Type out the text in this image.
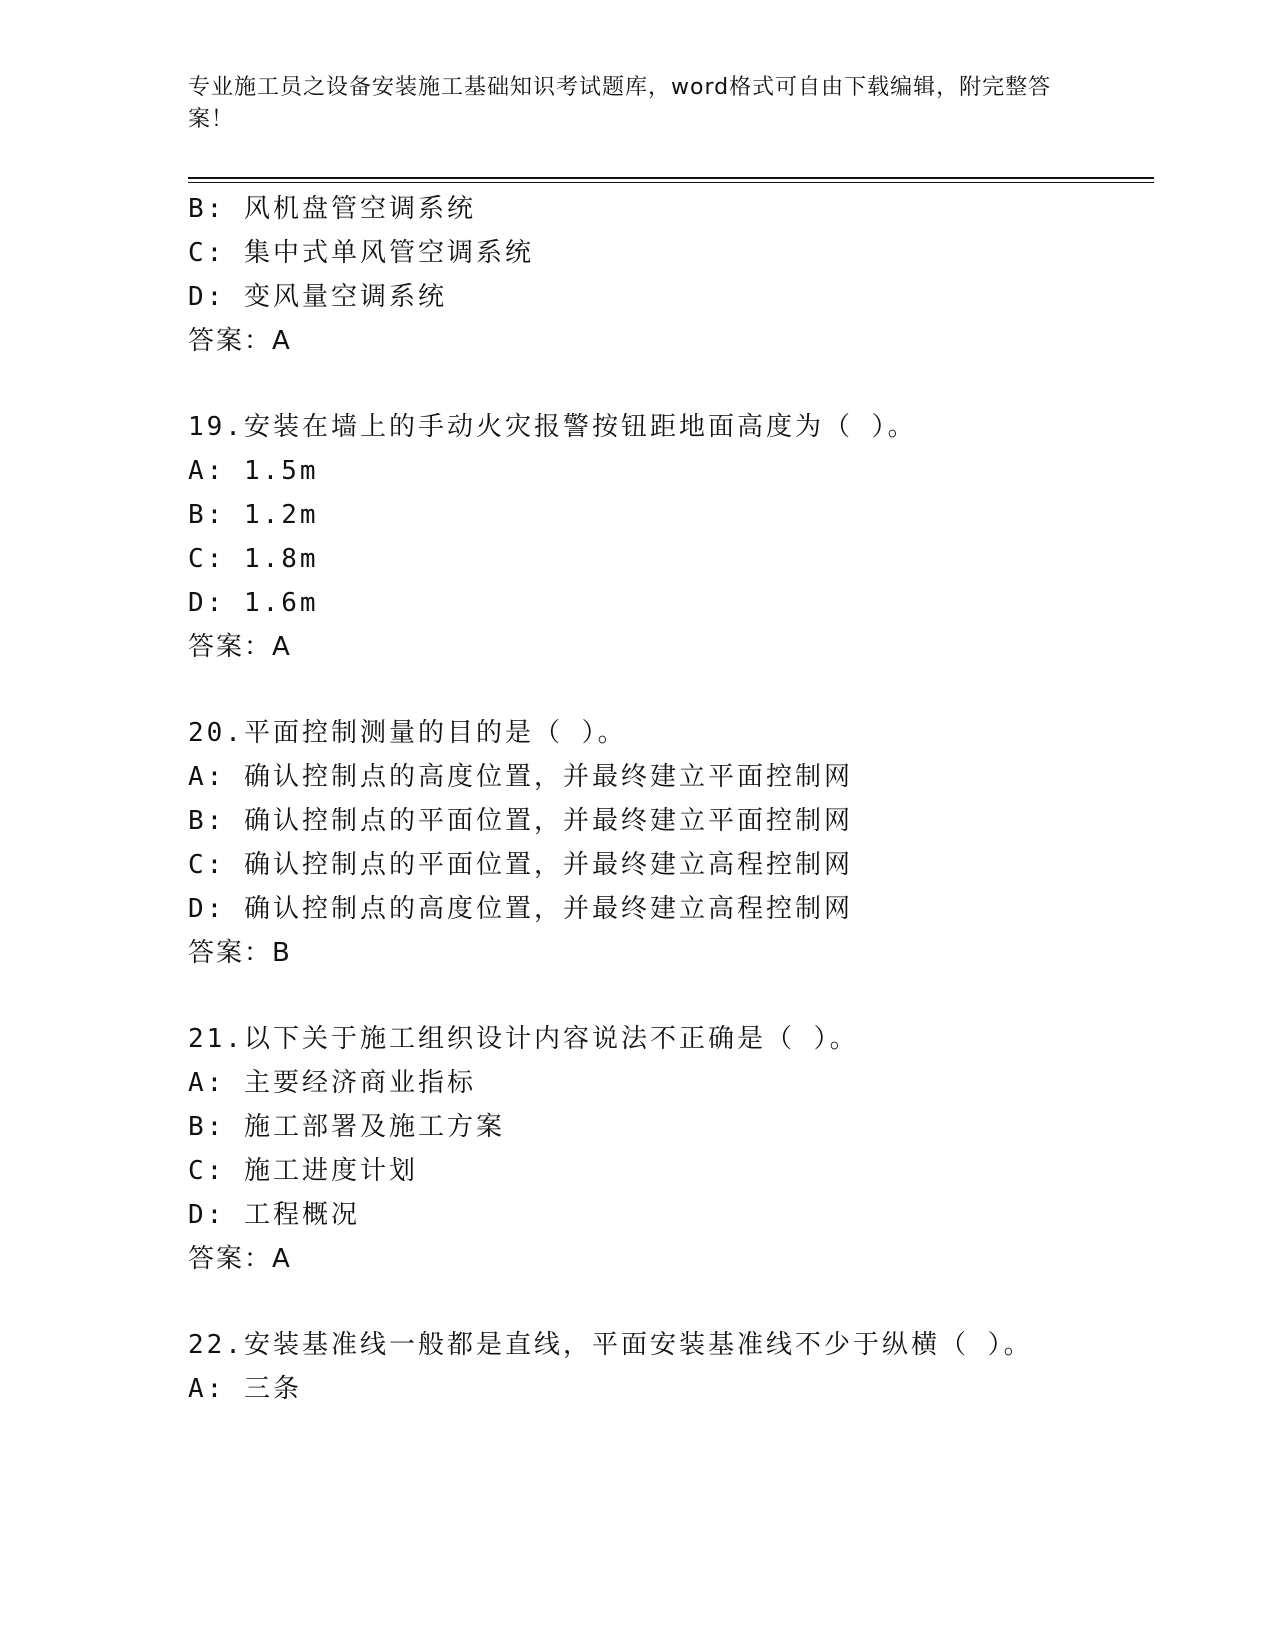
专业施工员之设备安装施工基础知识考试题库，word格式可自由下载编辑，附完整答案！
B: 风机盘管空调系统
C: 集中式单风管空调系统
D: 变风量空调系统
答案：A
19.安装在墙上的手动火灾报警按钮距地面高度为（ ）。
A: 1.5m
B: 1.2m
C: 1.8m
D: 1.6m
答案：A
20.平面控制测量的目的是（ ）。
A: 确认控制点的高度位置，并最终建立平面控制网
B: 确认控制点的平面位置，并最终建立平面控制网
C: 确认控制点的平面位置，并最终建立高程控制网
D: 确认控制点的高度位置，并最终建立高程控制网
答案：B
21.以下关于施工组织设计内容说法不正确是（ ）。
A: 主要经济商业指标
B: 施工部署及施工方案
C: 施工进度计划
D: 工程概况
答案：A
22.安装基准线一般都是直线，平面安装基准线不少于纵横（ ）。
A: 三条
